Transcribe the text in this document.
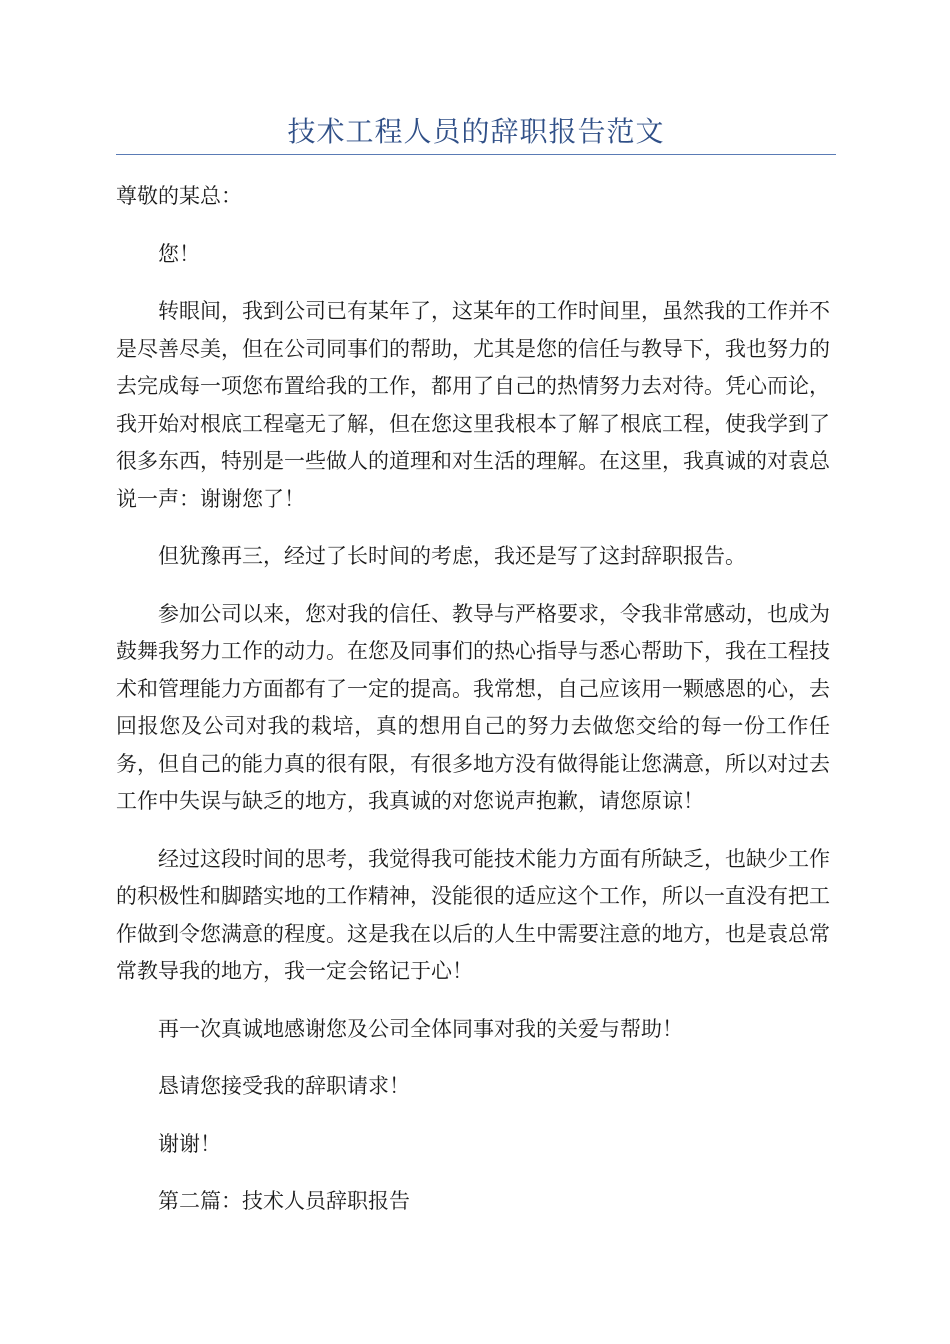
技术工程人员的辞职报告范文

尊敬的某总：

您！

转眼间，我到公司已有某年了，这某年的工作时间里，虽然我的工作并不是尽善尽美，但在公司同事们的帮助，尤其是您的信任与教导下，我也努力的去完成每一项您布置给我的工作，都用了自己的热情努力去对待。凭心而论，我开始对根底工程毫无了解，但在您这里我根本了解了根底工程，使我学到了很多东西，特别是一些做人的道理和对生活的理解。在这里，我真诚的对袁总说一声：谢谢您了！

但犹豫再三，经过了长时间的考虑，我还是写了这封辞职报告。

参加公司以来，您对我的信任、教导与严格要求，令我非常感动，也成为鼓舞我努力工作的动力。在您及同事们的热心指导与悉心帮助下，我在工程技术和管理能力方面都有了一定的提高。我常想，自己应该用一颗感恩的心，去回报您及公司对我的栽培，真的想用自己的努力去做您交给的每一份工作任务，但自己的能力真的很有限，有很多地方没有做得能让您满意，所以对过去工作中失误与缺乏的地方，我真诚的对您说声抱歉，请您原谅！

经过这段时间的思考，我觉得我可能技术能力方面有所缺乏，也缺少工作的积极性和脚踏实地的工作精神，没能很的适应这个工作，所以一直没有把工作做到令您满意的程度。这是我在以后的人生中需要注意的地方，也是袁总常常教导我的地方，我一定会铭记于心！

再一次真诚地感谢您及公司全体同事对我的关爱与帮助！

恳请您接受我的辞职请求！

谢谢！

第二篇：技术人员辞职报告
